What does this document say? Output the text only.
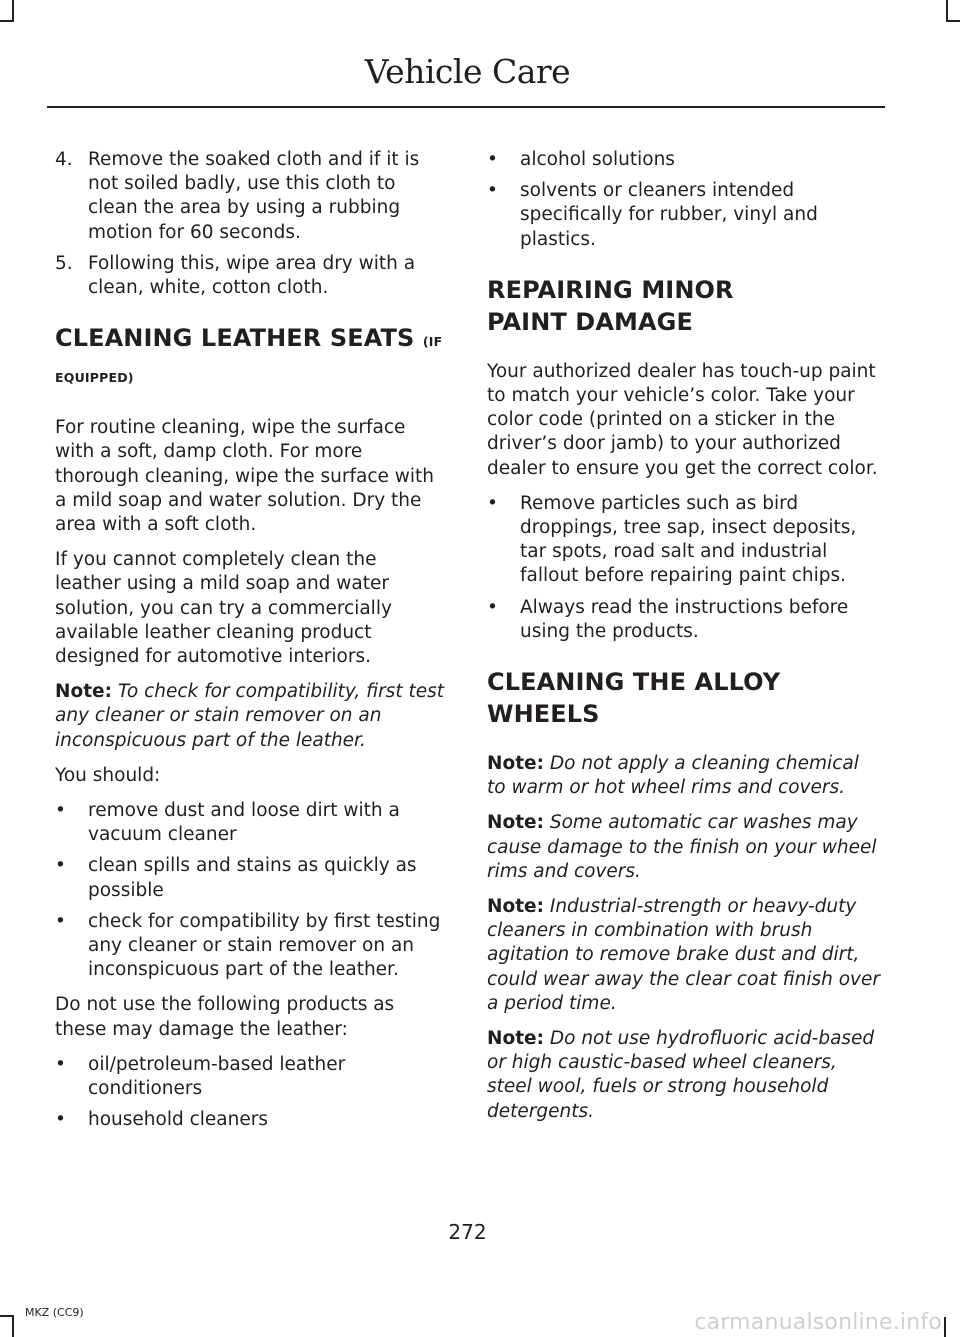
Vehicle Care
4. Remove the soaked cloth and if it is not soiled badly, use this cloth to clean the area by using a rubbing motion for 60 seconds.
5. Following this, wipe area dry with a clean, white, cotton cloth.
CLEANING LEATHER SEATS (IF EQUIPPED)

For routine cleaning, wipe the surface with a soft, damp cloth. For more thorough cleaning, wipe the surface with a mild soap and water solution. Dry the area with a soft cloth.

If you cannot completely clean the leather using a mild soap and water solution, you can try a commercially available leather cleaning product designed for automotive interiors.

Note: To check for compatibility, first test any cleaner or stain remover on an inconspicuous part of the leather.

You should:

• remove dust and loose dirt with a vacuum cleaner
• clean spills and stains as quickly as possible
• check for compatibility by first testing any cleaner or stain remover on an inconspicuous part of the leather.

Do not use the following products as these may damage the leather:

• oil/petroleum-based leather conditioners
• household cleaners
• alcohol solutions
• solvents or cleaners intended specifically for rubber, vinyl and plastics.
REPAIRING MINOR PAINT DAMAGE

Your authorized dealer has touch-up paint to match your vehicle’s color. Take your color code (printed on a sticker in the driver’s door jamb) to your authorized dealer to ensure you get the correct color.

• Remove particles such as bird droppings, tree sap, insect deposits, tar spots, road salt and industrial fallout before repairing paint chips.
• Always read the instructions before using the products.
CLEANING THE ALLOY WHEELS

Note: Do not apply a cleaning chemical to warm or hot wheel rims and covers.

Note: Some automatic car washes may cause damage to the finish on your wheel rims and covers.

Note: Industrial-strength or heavy-duty cleaners in combination with brush agitation to remove brake dust and dirt, could wear away the clear coat finish over a period time.

Note: Do not use hydrofluoric acid-based or high caustic-based wheel cleaners, steel wool, fuels or strong household detergents.

272
MKZ (CC9)	carmanualsonline.info
